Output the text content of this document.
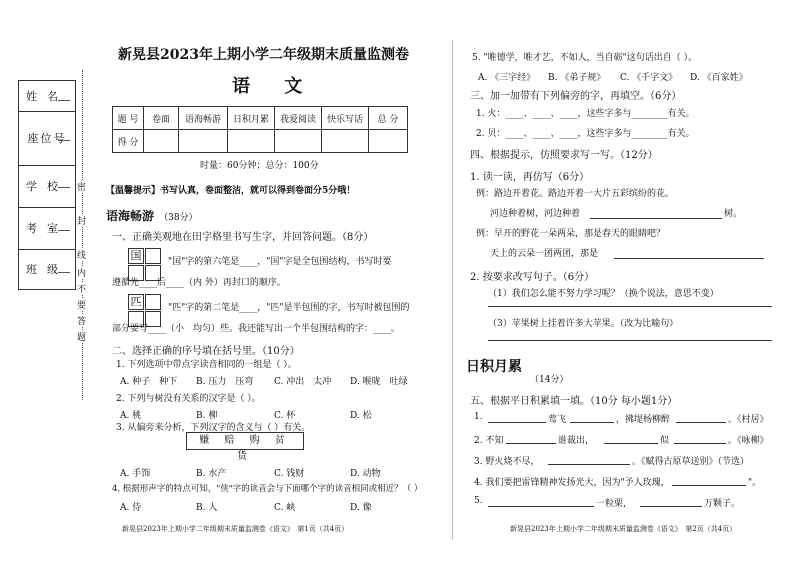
姓名
座位号
学校
考室
班级
密
封
线
内
不
要
答
题
新晃县2023年上期小学二年级期末质量监测卷
语 文
题 号	卷面	语海畅游	日积月累	我爱阅读	快乐写话	总 分
得 分						
时量：60分钟；总分：100分
【温馨提示】书写认真，卷面整洁，就可以得到卷面分5分哦！
语海畅游 （38分）
一、正确美观地在田字格里书写生字，并回答问题。（8分）
国	"国"字的第六笔是____，"国"字是全包围结构，书写时要
遵循先____后____（内 外）再封口的顺序。
匹	"匹"字的第二笔是____，"匹"是半包围的字，书写时被包围的
部分要写____（小　均匀）些。我还能写出一个半包围结构的字：____。
二、选择正确的序号填在括号里。（10分）
1. 下列选项中带点字读音相同的一组是（ ）。
A. 种子　种下 B. 压力　压弯 C. 冲出　太冲 D. 喉咙　吐绿
2. 下列与树没有关系的汉字是（ ）。
A. 桃	B. 柳	C. 杯	D. 松
3. 从偏旁来分析，下列汉字的含义与（ ）有关。
赚 赔 购 贫 货
A. 手饰	B. 水产	C. 钱财	D. 动物
4. 根据形声字的特点可知，"侠"字的读音会与下面哪个字的读音相同或相近？（ ）
A. 侍	B. 人	C. 峡	D. 像
新晃县2023年上期小学二年级期末质量监测卷《语文》　第1页（共4页）
5. "唯德学，唯才艺，不如人，当自砺"这句话出自（ ）。
A. 《三字经》 B. 《弟子规》 C. 《千字文》 D. 《百家姓》
三、加一加带有下列偏旁的字，再填空。（6分）
1. 火：____、____、____，这些字多与________有关。
2. 贝：____、____、____，这些字多与________有关。
四、根据提示，仿照要求写一写。（12分）
1. 读一读，再仿写（6分）
例：路边开着花。路边开着一大片五彩缤纷的花。
河边种着树，河边种着	树。
例：早开的野花一朵两朵，那是春天的眼睛吧？
天上的云朵一团两团，那是
2. 按要求改写句子。（6分）
（1）我们怎么能不努力学习呢？（换个说法，意思不变）
（3）苹果树上挂着许多大苹果。（改为比喻句）
日积月累
（14分）
五、根据平日积累填一填。（10分 每小题1分）
1.	莺飞	，拂堤杨柳醉	。《村居》
2. 不知	谁裁出，	似	。《咏柳》
3. 野火烧不尽，	。《赋得古原草送别》（节选）
4. 我们要把雷锋精神发扬光大，因为"予人玫瑰，	"。
5.	一粒栗，	万颗子。
新晃县2023年上期小学二年级期末质量监测卷《语文》　第2页（共4页）
